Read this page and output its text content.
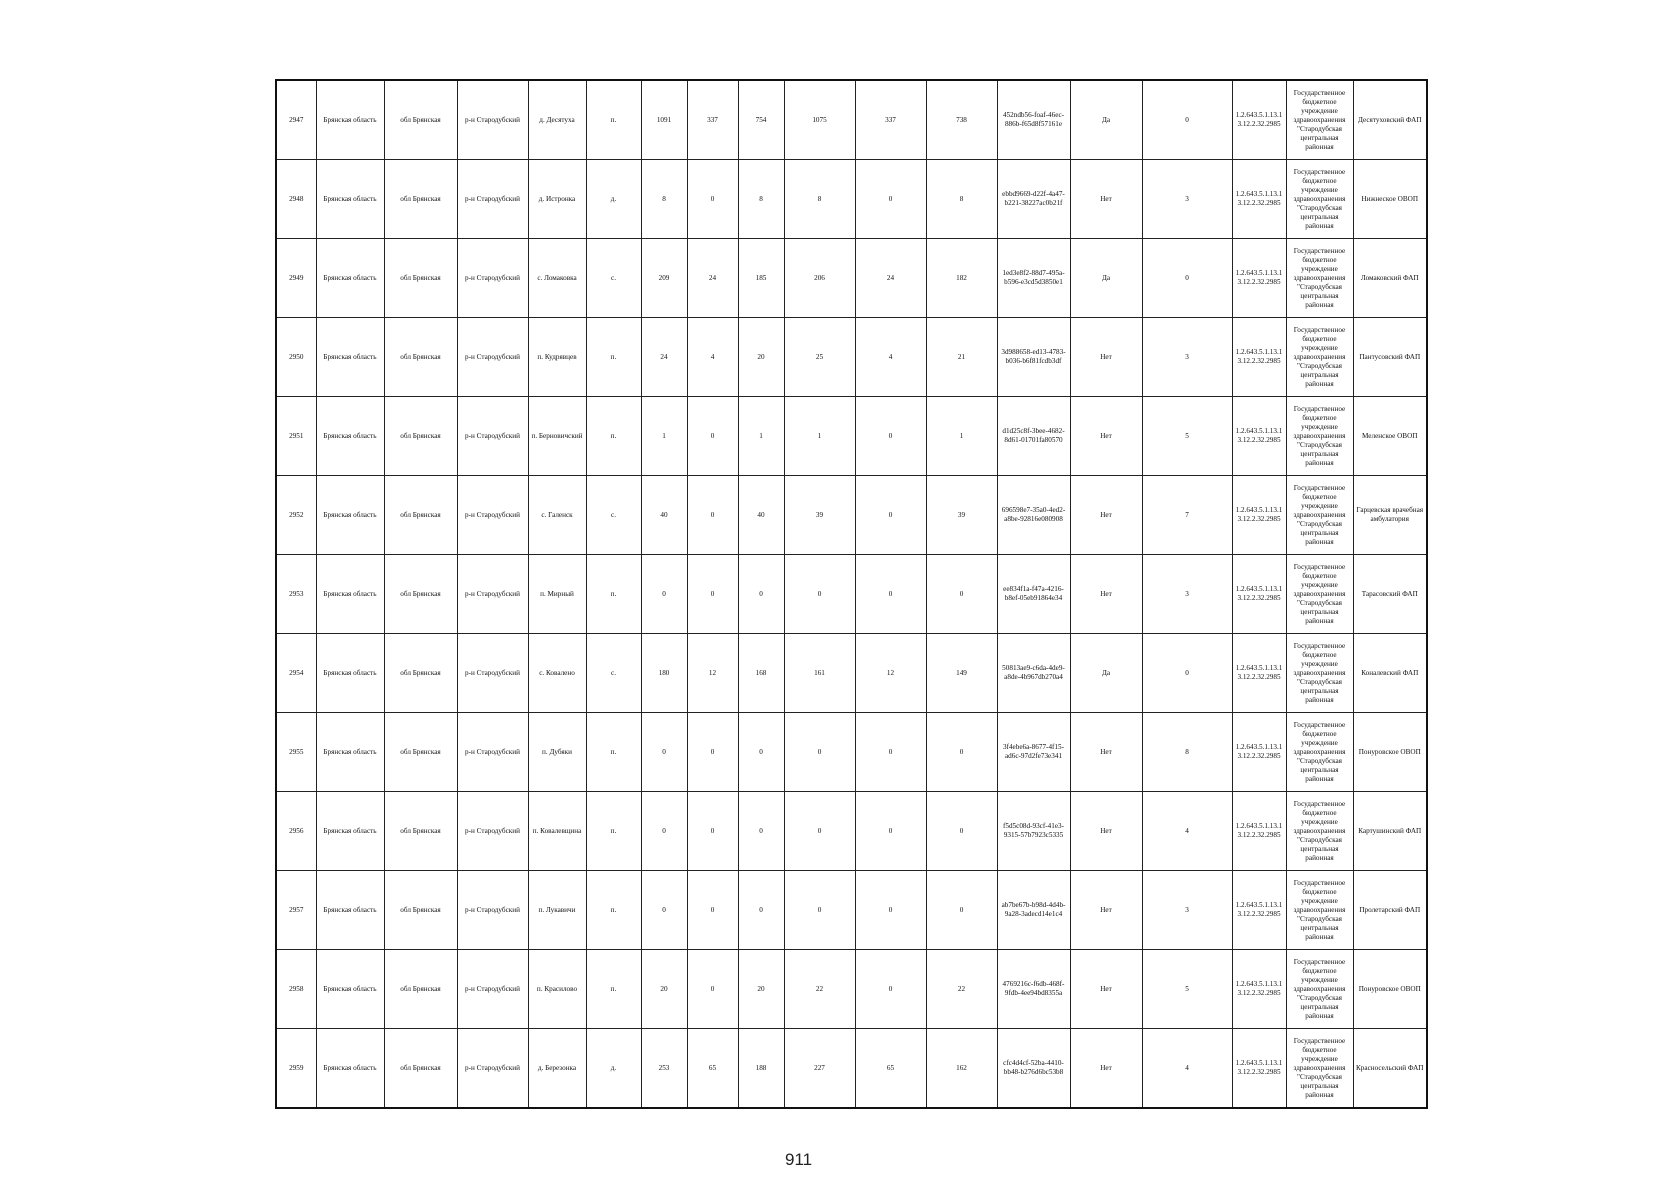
2947	Брянская область	обл Брянская	р-н Стародубский	д. Десятуха	п.	1091	337	754	1075	337	738	452ndb56-foaf-46ec-886b-f65d8f57161e	Да	0	1.2.643.5.1.13.13.12.2.32.2985	Государственное бюджетное учреждение здравоохранения "Стародубская центральная районная	Десятуховский ФАП
2948	Брянская область	обл Брянская	р-н Стародубский	д. Истронка	д.	8	0	8	8	0	8	ebbd9669-d22f-4a47-b221-38227ac0b21f	Нет	3	1.2.643.5.1.13.13.12.2.32.2985	Государственное бюджетное учреждение здравоохранения "Стародубская центральная районная	Нижнеское ОВОП
2949	Брянская область	обл Брянская	р-н Стародубский	с. Ломаковка	с.	209	24	185	206	24	182	1ed3e8f2-88d7-495a-b596-e3cd5d3850e1	Да	0	1.2.643.5.1.13.13.12.2.32.2985	Государственное бюджетное учреждение здравоохранения "Стародубская центральная районная	Ломаковский ФАП
2950	Брянская область	обл Брянская	р-н Стародубский	п. Кудрявцев	п.	24	4	20	25	4	21	3d988658-ed13-4783-b036-b6f81fcdb3df	Нет	3	1.2.643.5.1.13.13.12.2.32.2985	Государственное бюджетное учреждение здравоохранения "Стародубская центральная районная	Пантусовский ФАП
2951	Брянская область	обл Брянская	р-н Стародубский	п. Берновичский	п.	1	0	1	1	0	1	d1d25c8f-3bee-4682-8d61-01701fa80570	Нет	5	1.2.643.5.1.13.13.12.2.32.2985	Государственное бюджетное учреждение здравоохранения "Стародубская центральная районная	Меленское ОВОП
2952	Брянская область	обл Брянская	р-н Стародубский	с. Галенск	с.	40	0	40	39	0	39	696598e7-35a0-4ed2-a8be-92816e080908	Нет	7	1.2.643.5.1.13.13.12.2.32.2985	Государственное бюджетное учреждение здравоохранения "Стародубская центральная районная	Гарцевская врачебная амбулатория
2953	Брянская область	обл Брянская	р-н Стародубский	п. Мирный	п.	0	0	0	0	0	0	ee834f1a-f47a-4216-b8ef-05eb91864e34	Нет	3	1.2.643.5.1.13.13.12.2.32.2985	Государственное бюджетное учреждение здравоохранения "Стародубская центральная районная	Тарасовский ФАП
2954	Брянская область	обл Брянская	р-н Стародубский	с. Коваленo	с.	180	12	168	161	12	149	50813ae9-c6da-4de9-a8de-4b967db270a4	Да	0	1.2.643.5.1.13.13.12.2.32.2985	Государственное бюджетное учреждение здравоохранения "Стародубская центральная районная	Коналевский ФАП
2955	Брянская область	обл Брянская	р-н Стародубский	п. Дубяки	п.	0	0	0	0	0	0	3f4ebe6a-8677-4f15-ad6c-97d2fe73e341	Нет	8	1.2.643.5.1.13.13.12.2.32.2985	Государственное бюджетное учреждение здравоохранения "Стародубская центральная районная	Понуровское ОВОП
2956	Брянская область	обл Брянская	р-н Стародубский	п. Ковалевщина	п.	0	0	0	0	0	0	f5d5c08d-93cf-41e3-9315-57b7923c5335	Нет	4	1.2.643.5.1.13.13.12.2.32.2985	Государственное бюджетное учреждение здравоохранения "Стародубская центральная районная	Картушинский ФАП
2957	Брянская область	обл Брянская	р-н Стародубский	п. Лукавичи	п.	0	0	0	0	0	0	ab7be67b-b98d-4d4b-9a28-3adecd14e1c4	Нет	3	1.2.643.5.1.13.13.12.2.32.2985	Государственное бюджетное учреждение здравоохранения "Стародубская центральная районная	Пролетарский ФАП
2958	Брянская область	обл Брянская	р-н Стародубский	п. Красилово	п.	20	0	20	22	0	22	4769216c-f6db-468f-9fdb-4ee94bd8355a	Нет	5	1.2.643.5.1.13.13.12.2.32.2985	Государственное бюджетное учреждение здравоохранения "Стародубская центральная районная	Понуровское ОВОП
2959	Брянская область	обл Брянская	р-н Стародубский	д. Березонка	д.	253	65	188	227	65	162	cfc4d4cf-52ba-4410-bb48-b276d6bc53b8	Нет	4	1.2.643.5.1.13.13.12.2.32.2985	Государственное бюджетное учреждение здравоохранения "Стародубская центральная районная	Красносельский ФАП
911
